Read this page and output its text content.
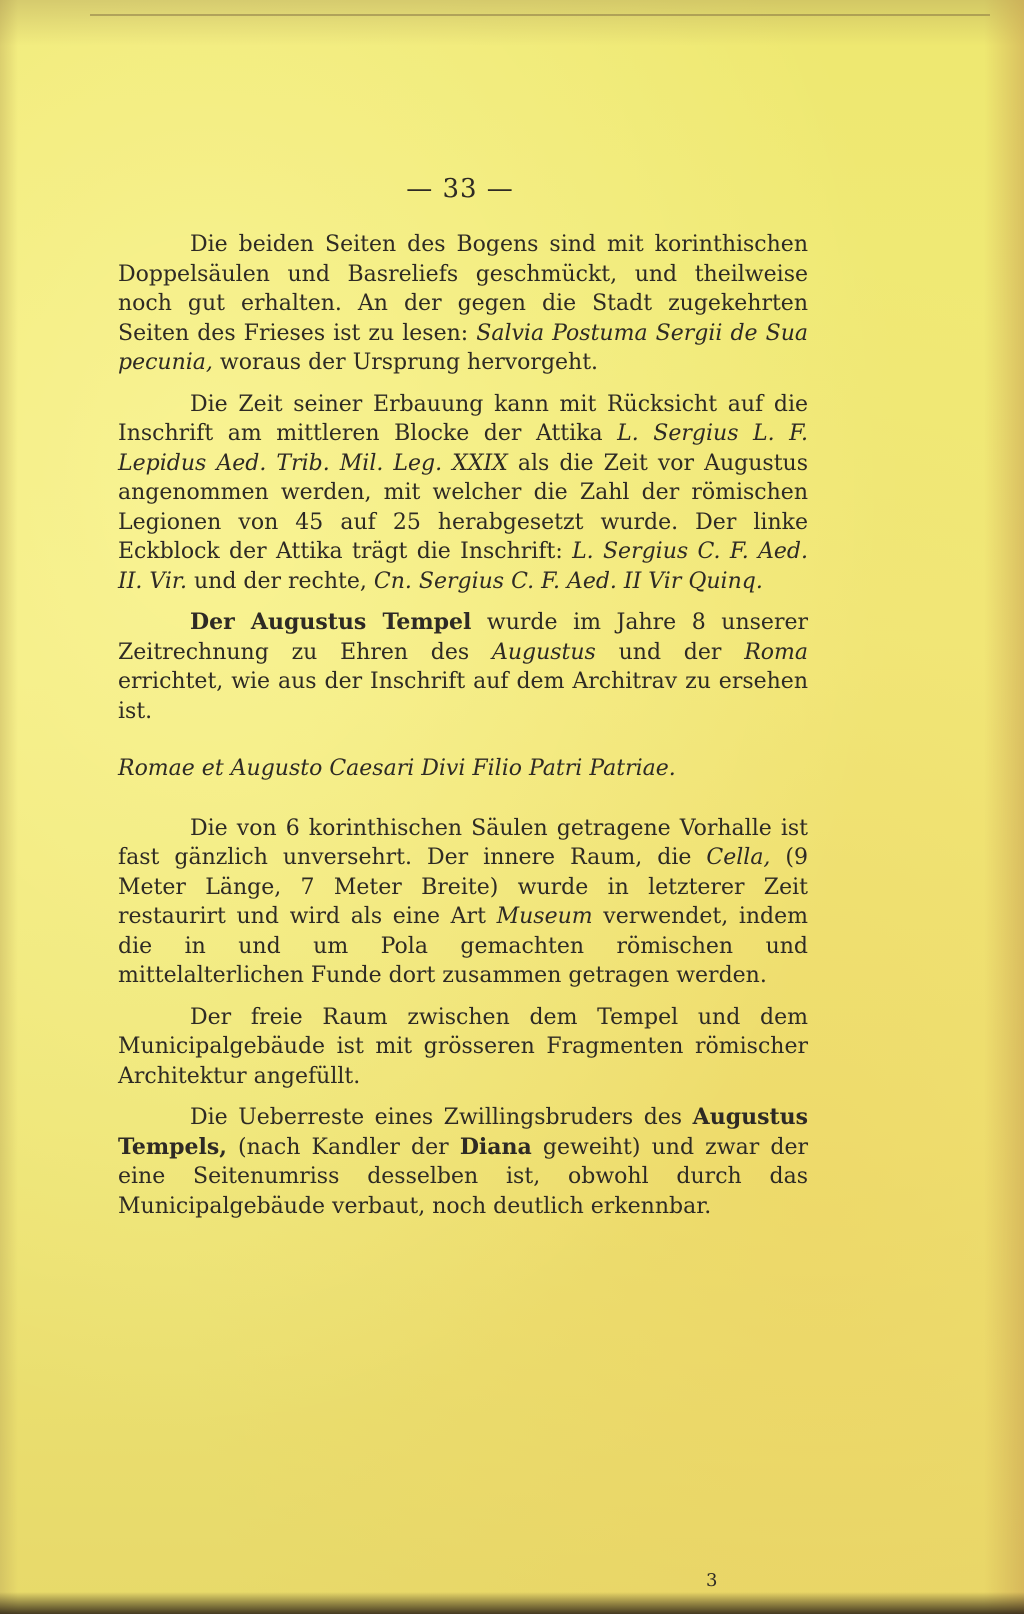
— 33 —

Die beiden Seiten des Bogens sind mit korinthischen Doppelsäulen und Basreliefs geschmückt, und theilweise noch gut erhalten. An der gegen die Stadt zugekehrten Seiten des Frieses ist zu lesen: Salvia Postuma Sergii de Sua pecunia, woraus der Ursprung hervorgeht.

Die Zeit seiner Erbauung kann mit Rücksicht auf die Inschrift am mittleren Blocke der Attika L. Sergius L. F. Lepidus Aed. Trib. Mil. Leg. XXIX als die Zeit vor Augustus angenommen werden, mit welcher die Zahl der römischen Legionen von 45 auf 25 herabgesetzt wurde. Der linke Eckblock der Attika trägt die Inschrift: L. Sergius C. F. Aed. II. Vir. und der rechte, Cn. Sergius C. F. Aed. II Vir Quinq.

Der Augustus Tempel wurde im Jahre 8 unserer Zeitrechnung zu Ehren des Augustus und der Roma errichtet, wie aus der Inschrift auf dem Architrav zu ersehen ist.

Romae et Augusto Caesari Divi Filio Patri Patriae.

Die von 6 korinthischen Säulen getragene Vorhalle ist fast gänzlich unversehrt. Der innere Raum, die Cella, (9 Meter Länge, 7 Meter Breite) wurde in letzterer Zeit restaurirt und wird als eine Art Museum verwendet, indem die in und um Pola gemachten römischen und mittelalterlichen Funde dort zusammen getragen werden.

Der freie Raum zwischen dem Tempel und dem Municipalgebäude ist mit grösseren Fragmenten römischer Architektur angefüllt.

Die Ueberreste eines Zwillingsbruders des Augustus Tempels, (nach Kandler der Diana geweiht) und zwar der eine Seitenumriss desselben ist, obwohl durch das Municipalgebäude verbaut, noch deutlich erkennbar.

3
